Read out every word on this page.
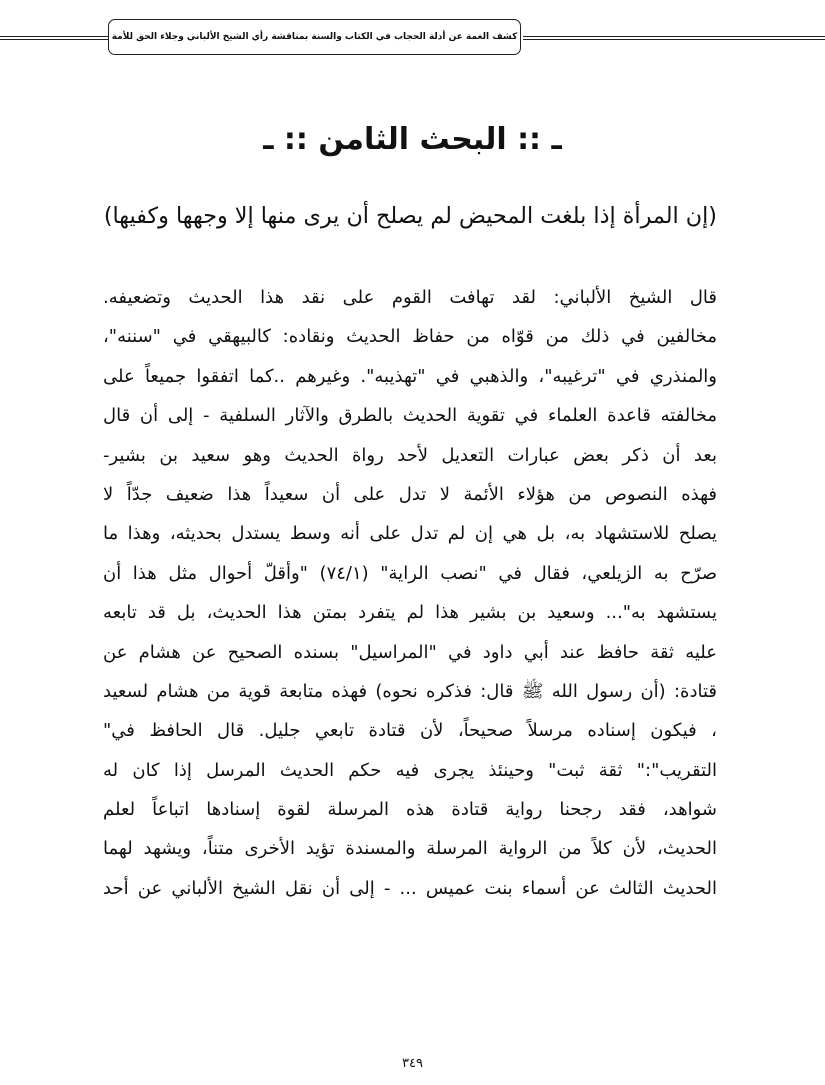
كشف الغمة عن أدلة الحجاب في الكتاب والسنة بمناقشة رأي الشيخ الألباني وجلاء الحق للأمة
ـ :: البحث الثامن :: ـ
(إن المرأة إذا بلغت المحيض لم يصلح أن يرى منها إلا وجهها وكفيها)
قال الشيخ الألباني: لقد تهافت القوم على نقد هذا الحديث وتضعيفه.
مخالفين في ذلك من قوّاه من حفاظ الحديث ونقاده: كالبيهقي في "سننه"،
والمنذري في "ترغيبه"، والذهبي في "تهذيبه". وغيرهم ..كما اتفقوا جميعاً على
مخالفته قاعدة العلماء في تقوية الحديث بالطرق والآثار السلفية - إلى أن قال
بعد أن ذكر بعض عبارات التعديل لأحد رواة الحديث وهو سعيد بن بشير-
فهذه النصوص من هؤلاء الأئمة لا تدل على أن سعيداً هذا ضعيف جدّاً لا
يصلح للاستشهاد به، بل هي إن لم تدل على أنه وسط يستدل بحديثه، وهذا ما
صرّح به الزيلعي، فقال في "نصب الراية" (٧٤/١) "وأقلّ أحوال مثل هذا أن
يستشهد به"... وسعيد بن بشير هذا لم يتفرد بمتن هذا الحديث، بل قد تابعه
عليه ثقة حافظ عند أبي داود في "المراسيل" بسنده الصحيح عن هشام عن
قتادة: (أن رسول الله ﷺ قال: فذكره نحوه) فهذه متابعة قوية من هشام لسعيد
، فيكون إسناده مرسلاً صحيحاً، لأن قتادة تابعي جليل. قال الحافظ في"
التقريب":" ثقة ثبت" وحينئذ يجرى فيه حكم الحديث المرسل إذا كان له
شواهد، فقد رجحنا رواية قتادة هذه المرسلة لقوة إسنادها اتباعاً لعلم
الحديث، لأن كلاً من الرواية المرسلة والمسندة تؤيد الأخرى متناً، ويشهد لهما
الحديث الثالث عن أسماء بنت عميس ... - إلى أن نقل الشيخ الألباني عن أحد
٣٤٩
